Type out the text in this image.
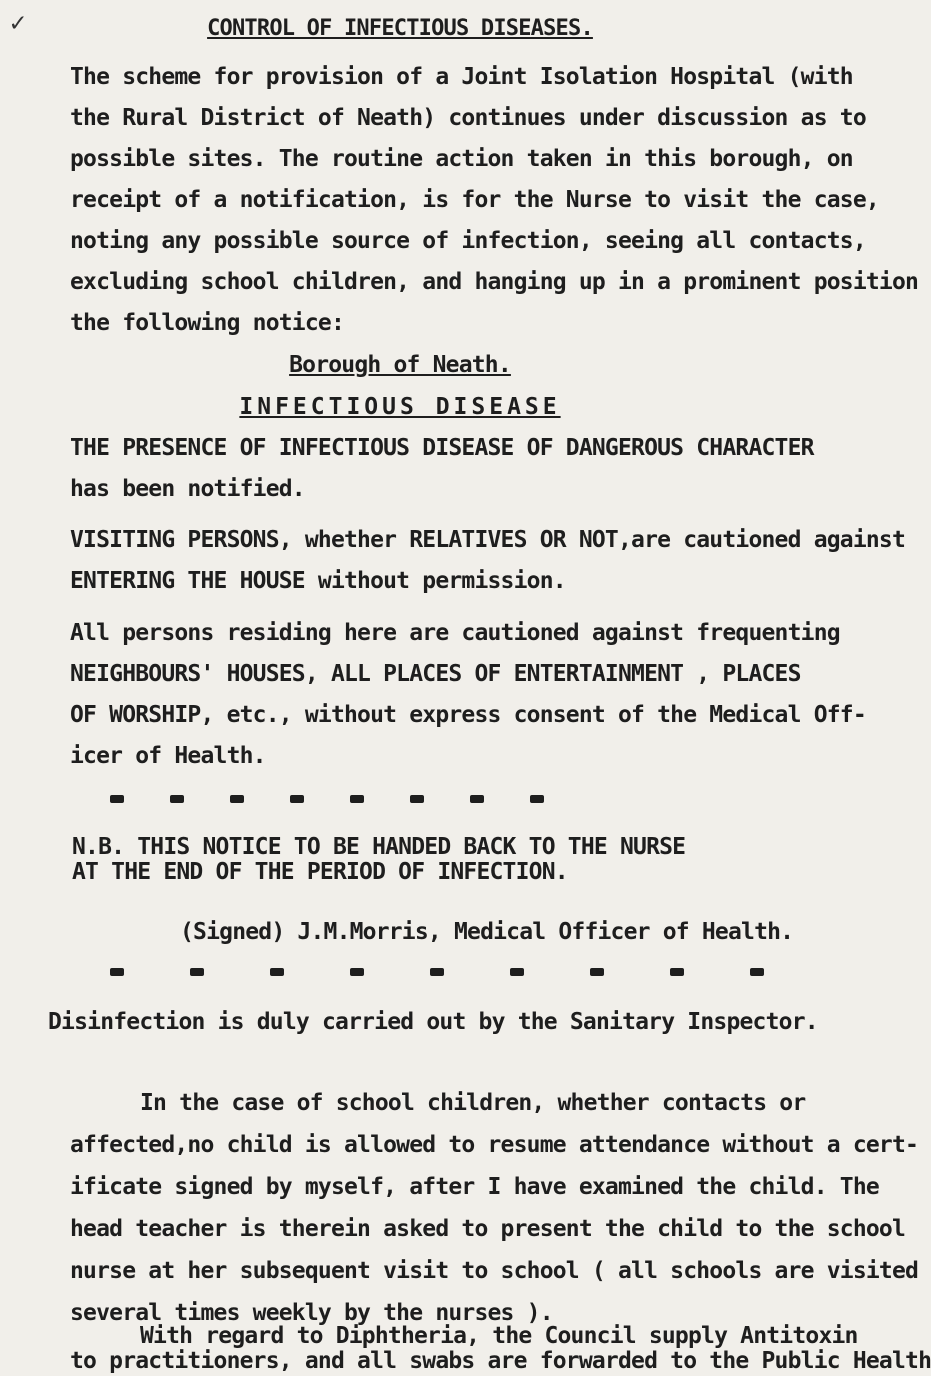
✓	CONTROL OF INFECTIOUS DISEASES.
The scheme for provision of a Joint Isolation Hospital (with
the Rural District of Neath) continues under discussion as to
possible sites. The routine action taken in this borough, on
receipt of a notification, is for the Nurse to visit the case,
noting any possible source of infection, seeing all contacts,
excluding school children, and hanging up in a prominent position
the following notice:
Borough of Neath.
INFECTIOUS DISEASE
THE PRESENCE OF INFECTIOUS DISEASE OF DANGEROUS CHARACTER
has been notified.
VISITING PERSONS, whether RELATIVES OR NOT,are cautioned against
ENTERING THE HOUSE without permission.
All persons residing here are cautioned against frequenting
NEIGHBOURS' HOUSES, ALL PLACES OF ENTERTAINMENT , PLACES
OF WORSHIP, etc., without express consent of the Medical Off-
icer of Health.
N.B. THIS NOTICE TO BE HANDED BACK TO THE NURSE
AT THE END OF THE PERIOD OF INFECTION.
(Signed) J.M.Morris, Medical Officer of Health.
Disinfection is duly carried out by the Sanitary Inspector.
In the case of school children, whether contacts or
affected,no child is allowed to resume attendance without a cert-
ificate signed by myself, after I have examined the child. The
head teacher is therein asked to present the child to the school
nurse at her subsequent visit to school ( all schools are visited
several times weekly by the nurses ).
With regard to Diphtheria, the Council supply Antitoxin
to practitioners, and all swabs are forwarded to the Public Health
